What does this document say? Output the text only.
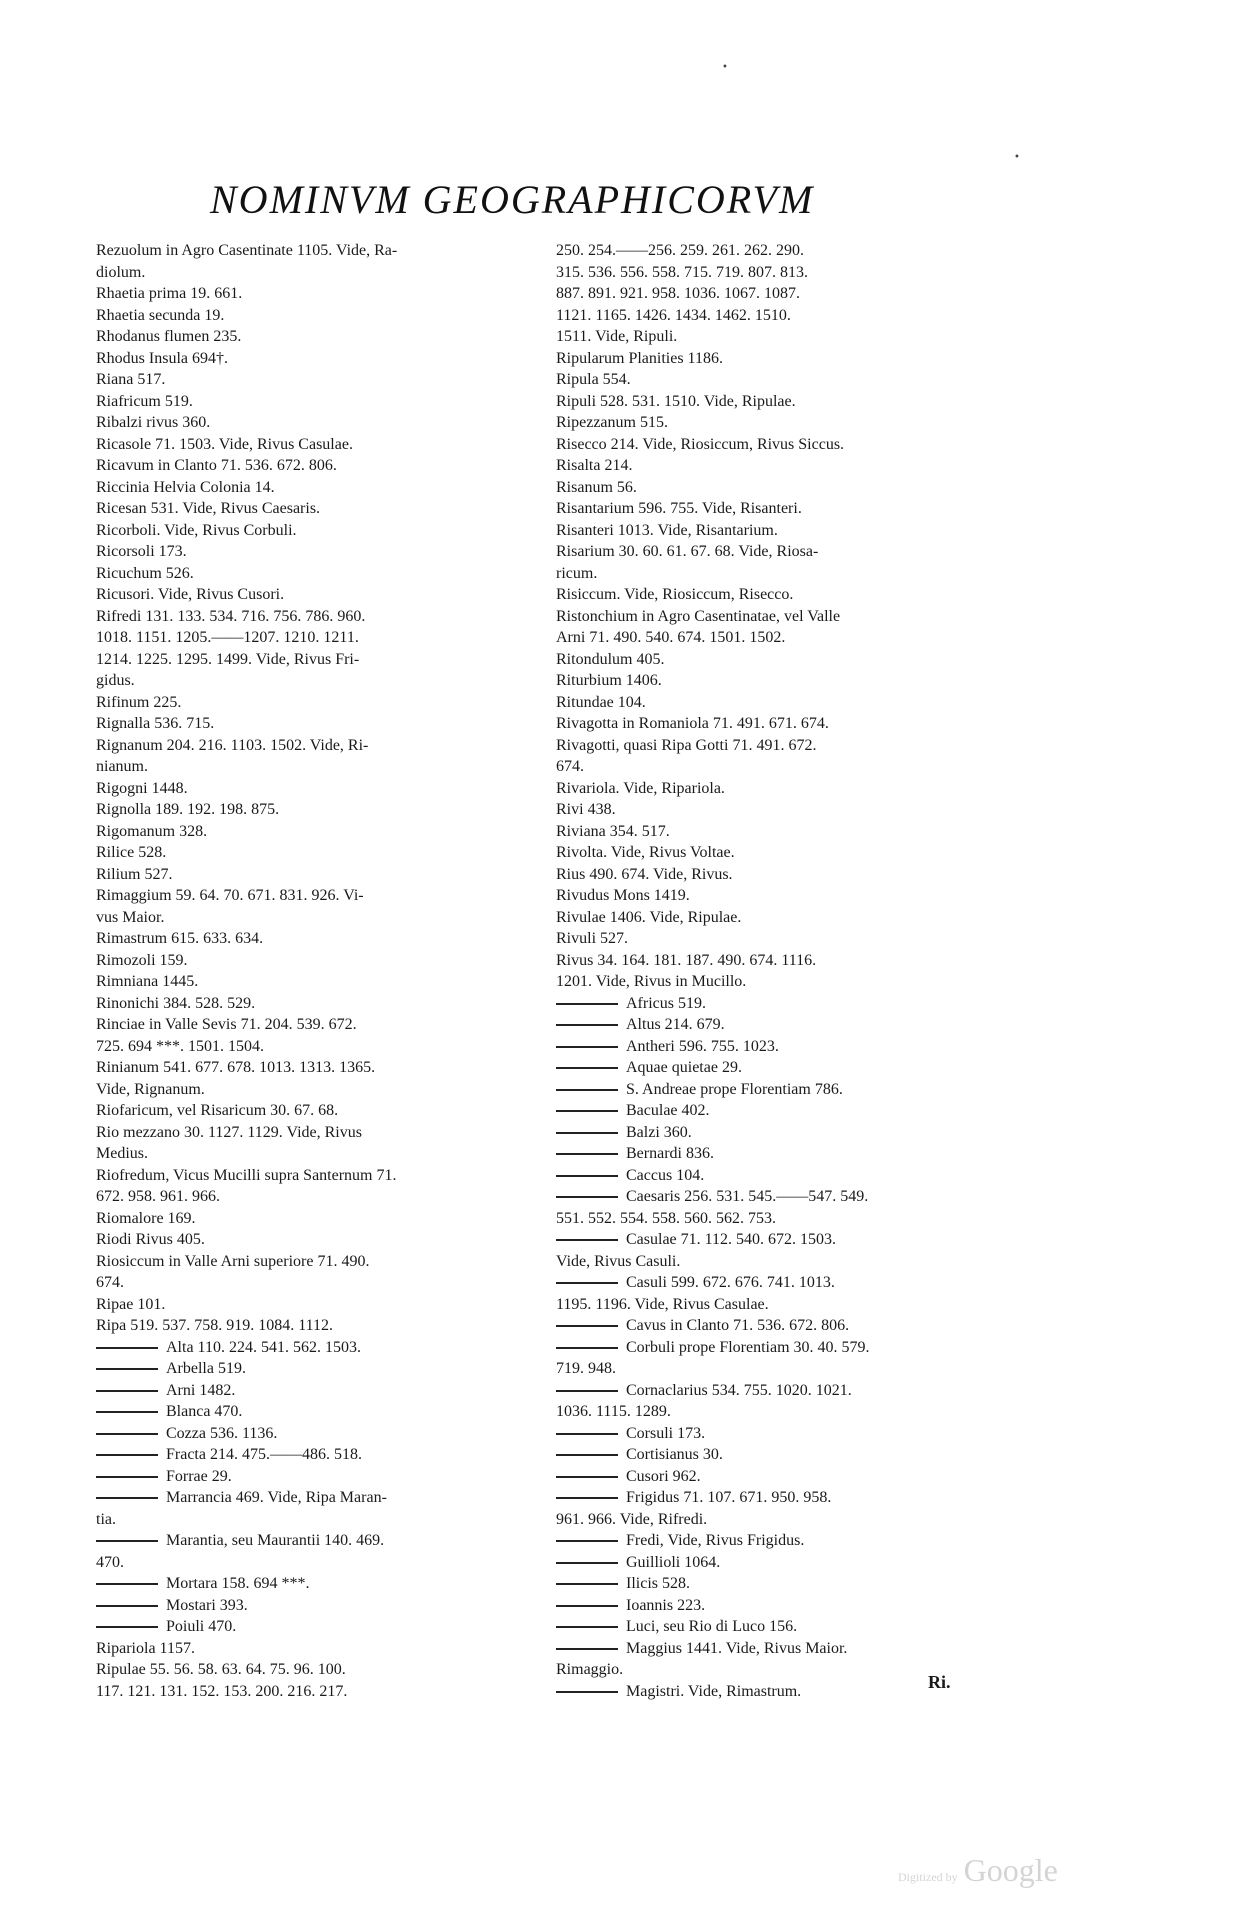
•
•
NOMINVM GEOGRAPHICORVM
Rezuolum in Agro Casentinate 1105. Vide, Ra-
diolum.
Rhaetia prima 19. 661.
Rhaetia secunda 19.
Rhodanus flumen 235.
Rhodus Insula 694†.
Riana 517.
Riafricum 519.
Ribalzi rivus 360.
Ricasole 71. 1503. Vide, Rivus Casulae.
Ricavum in Clanto 71. 536. 672. 806.
Riccinia Helvia Colonia 14.
Ricesan 531. Vide, Rivus Caesaris.
Ricorboli. Vide, Rivus Corbuli.
Ricorsoli 173.
Ricuchum 526.
Ricusori. Vide, Rivus Cusori.
Rifredi 131. 133. 534. 716. 756. 786. 960.
1018. 1151. 1205.——1207. 1210. 1211.
1214. 1225. 1295. 1499. Vide, Rivus Fri-
gidus.
Rifinum 225.
Rignalla 536. 715.
Rignanum 204. 216. 1103. 1502. Vide, Ri-
nianum.
Rigogni 1448.
Rignolla 189. 192. 198. 875.
Rigomanum 328.
Rilice 528.
Rilium 527.
Rimaggium 59. 64. 70. 671. 831. 926. Vi-
vus Maior.
Rimastrum 615. 633. 634.
Rimozoli 159.
Rimniana 1445.
Rinonichi 384. 528. 529.
Rinciae in Valle Sevis 71. 204. 539. 672.
725. 694 ***. 1501. 1504.
Rinianum 541. 677. 678. 1013. 1313. 1365.
Vide, Rignanum.
Riofaricum, vel Risaricum 30. 67. 68.
Rio mezzano 30. 1127. 1129. Vide, Rivus
Medius.
Riofredum, Vicus Mucilli supra Santernum 71.
672. 958. 961. 966.
Riomalore 169.
Riodi Rivus 405.
Riosiccum in Valle Arni superiore 71. 490.
674.
Ripae 101.
Ripa 519. 537. 758. 919. 1084. 1112.
Alta 110. 224. 541. 562. 1503.
Arbella 519.
Arni 1482.
Blanca 470.
Cozza 536. 1136.
Fracta 214. 475.——486. 518.
Forrae 29.
Marrancia 469. Vide, Ripa Maran-
tia.
Marantia, seu Maurantii 140. 469.
470.
Mortara 158. 694 ***.
Mostari 393.
Poiuli 470.
Ripariola 1157.
Ripulae 55. 56. 58. 63. 64. 75. 96. 100.
117. 121. 131. 152. 153. 200. 216. 217.
250. 254.——256. 259. 261. 262. 290.
315. 536. 556. 558. 715. 719. 807. 813.
887. 891. 921. 958. 1036. 1067. 1087.
1121. 1165. 1426. 1434. 1462. 1510.
1511. Vide, Ripuli.
Ripularum Planities 1186.
Ripula 554.
Ripuli 528. 531. 1510. Vide, Ripulae.
Ripezzanum 515.
Risecco 214. Vide, Riosiccum, Rivus Siccus.
Risalta 214.
Risanum 56.
Risantarium 596. 755. Vide, Risanteri.
Risanteri 1013. Vide, Risantarium.
Risarium 30. 60. 61. 67. 68. Vide, Riosa-
ricum.
Risiccum. Vide, Riosiccum, Risecco.
Ristonchium in Agro Casentinatae, vel Valle
Arni 71. 490. 540. 674. 1501. 1502.
Ritondulum 405.
Riturbium 1406.
Ritundae 104.
Rivagotta in Romaniola 71. 491. 671. 674.
Rivagotti, quasi Ripa Gotti 71. 491. 672.
674.
Rivariola. Vide, Ripariola.
Rivi 438.
Riviana 354. 517.
Rivolta. Vide, Rivus Voltae.
Rius 490. 674. Vide, Rivus.
Rivudus Mons 1419.
Rivulae 1406. Vide, Ripulae.
Rivuli 527.
Rivus 34. 164. 181. 187. 490. 674. 1116.
1201. Vide, Rivus in Mucillo.
Africus 519.
Altus 214. 679.
Antheri 596. 755. 1023.
Aquae quietae 29.
S. Andreae prope Florentiam 786.
Baculae 402.
Balzi 360.
Bernardi 836.
Caccus 104.
Caesaris 256. 531. 545.——547. 549.
551. 552. 554. 558. 560. 562. 753.
Casulae 71. 112. 540. 672. 1503.
Vide, Rivus Casuli.
Casuli 599. 672. 676. 741. 1013.
1195. 1196. Vide, Rivus Casulae.
Cavus in Clanto 71. 536. 672. 806.
Corbuli prope Florentiam 30. 40. 579.
719. 948.
Cornaclarius 534. 755. 1020. 1021.
1036. 1115. 1289.
Corsuli 173.
Cortisianus 30.
Cusori 962.
Frigidus 71. 107. 671. 950. 958.
961. 966. Vide, Rifredi.
Fredi, Vide, Rivus Frigidus.
Guillioli 1064.
Ilicis 528.
Ioannis 223.
Luci, seu Rio di Luco 156.
Maggius 1441. Vide, Rivus Maior.
Rimaggio.
Magistri. Vide, Rimastrum.	Ri.
Digitized by Google
